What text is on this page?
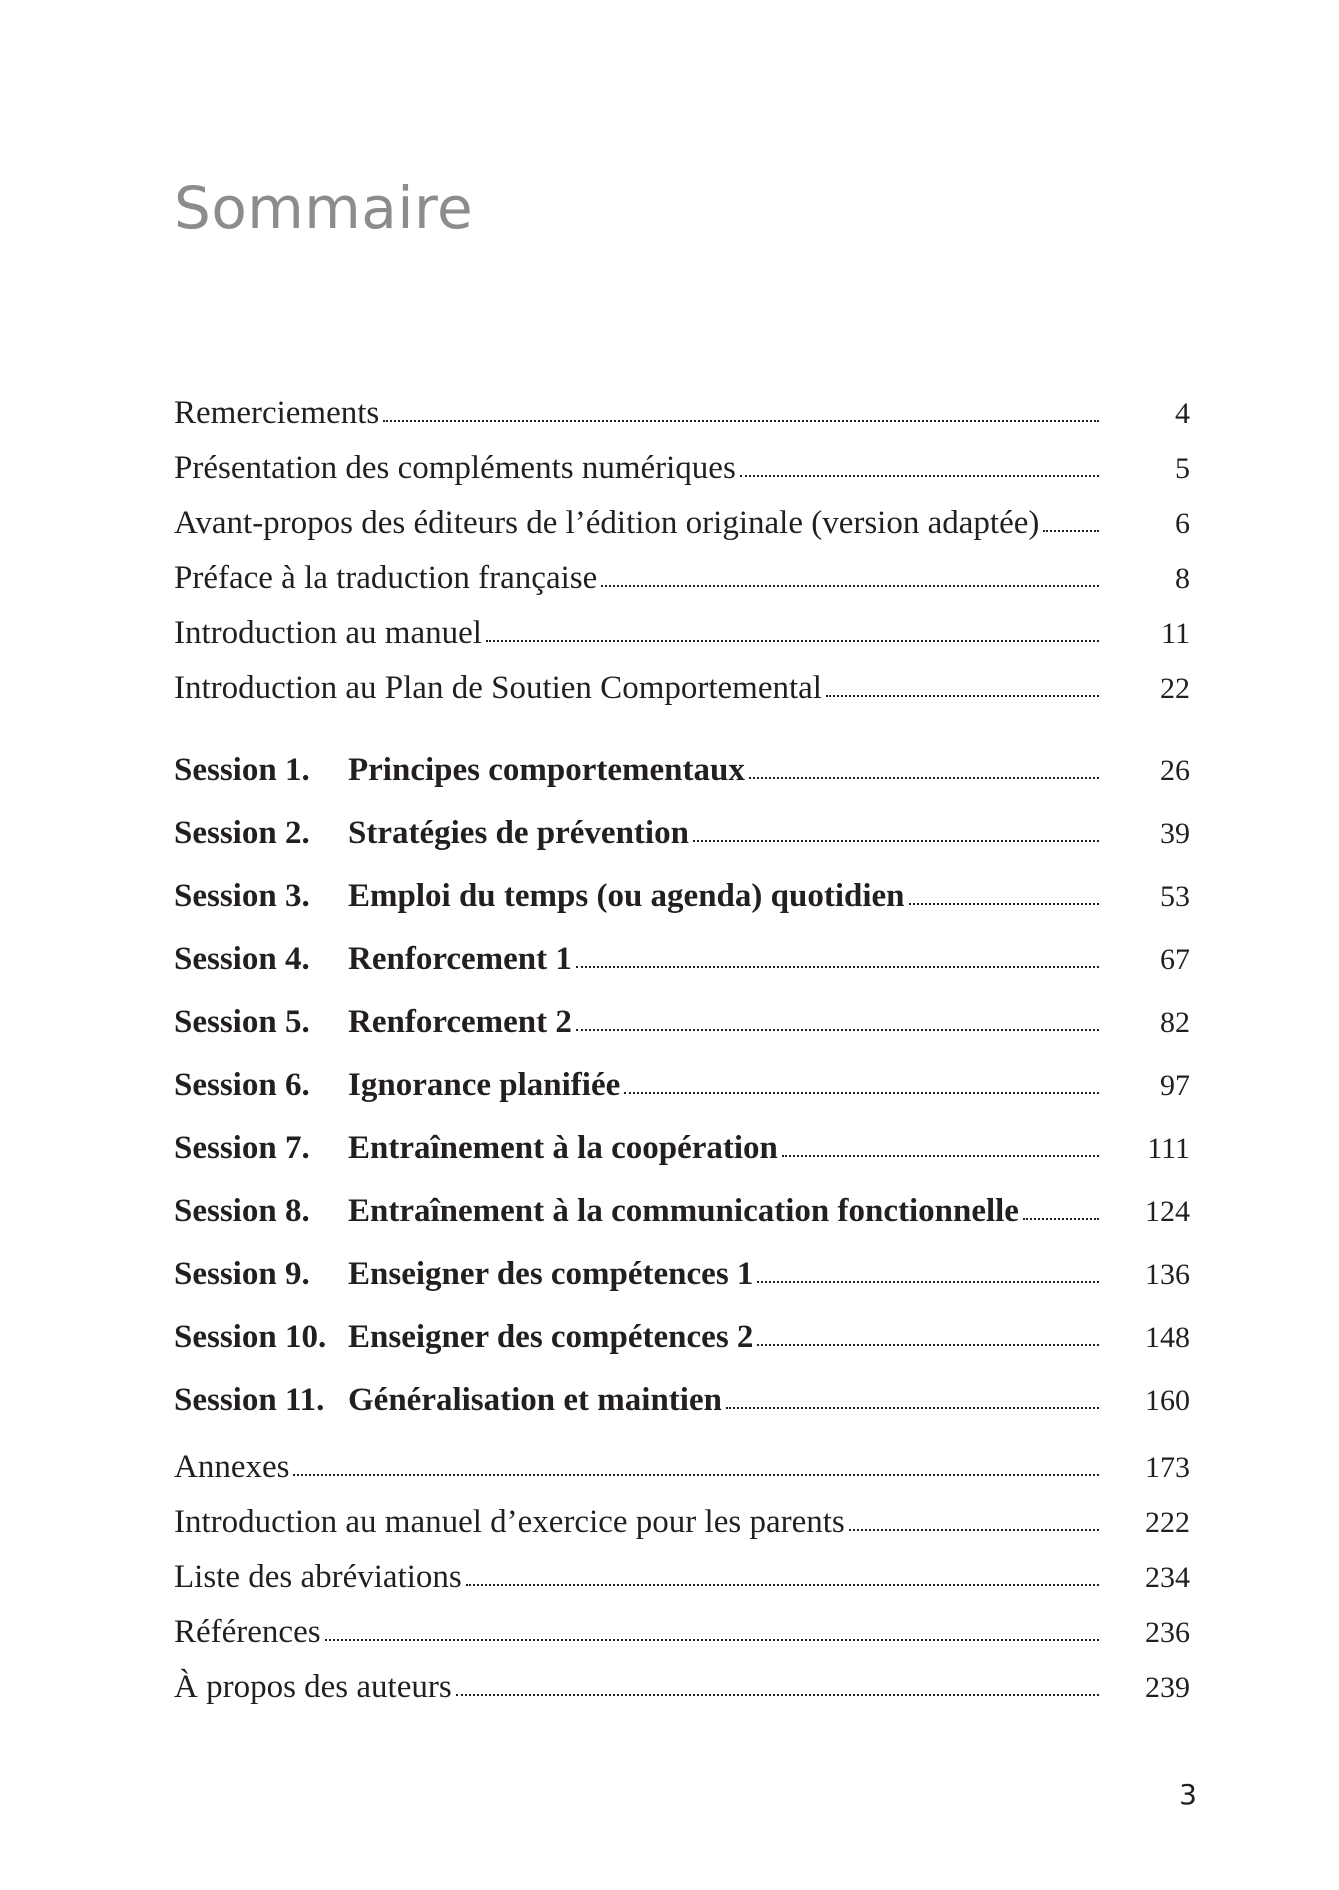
Sommaire
Remerciements	4
Présentation des compléments numériques	5
Avant-propos des éditeurs de l’édition originale (version adaptée)	6
Préface à la traduction française	8
Introduction au manuel	11
Introduction au Plan de Soutien Comportemental	22
Session 1. Principes comportementaux	26
Session 2. Stratégies de prévention	39
Session 3. Emploi du temps (ou agenda) quotidien	53
Session 4. Renforcement 1	67
Session 5. Renforcement 2	82
Session 6. Ignorance planifiée	97
Session 7. Entraînement à la coopération	111
Session 8. Entraînement à la communication fonctionnelle	124
Session 9. Enseigner des compétences 1	136
Session 10. Enseigner des compétences 2	148
Session 11. Généralisation et maintien	160
Annexes	173
Introduction au manuel d’exercice pour les parents	222
Liste des abréviations	234
Références	236
À propos des auteurs	239
3
